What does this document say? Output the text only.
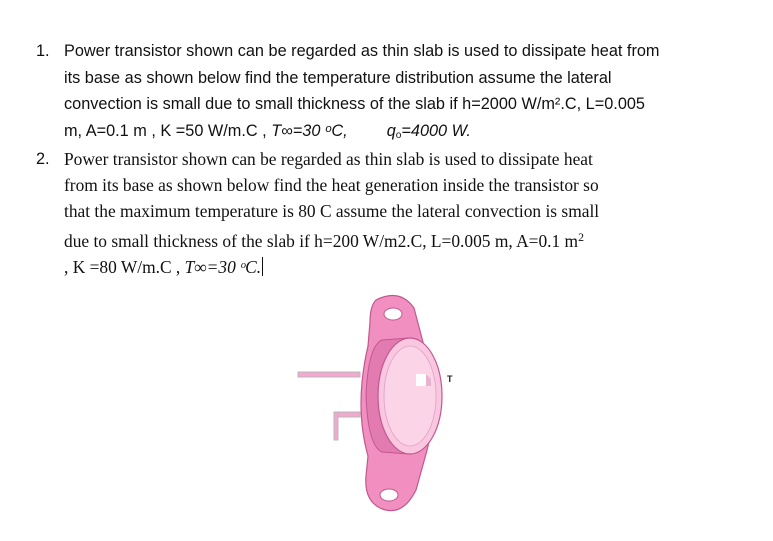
1. Power transistor shown can be regarded as thin slab is used to dissipate heat from
its base as shown below find the temperature distribution assume the lateral
convection is small due to small thickness of the slab if h=2000 W/m².C, L=0.005
m, A=0.1 m , K =50 W/m.C , T∞=30 ᵒC, $q_o=4000$ W.
2. Power transistor shown can be regarded as thin slab is used to dissipate heat
from its base as shown below find the heat generation inside the transistor so
that the maximum temperature is 80 C assume the lateral convection is small
due to small thickness of the slab if h=200 W/m2.C, L=0.005 m, A=0.1 $m^2$
, K =80 W/m.C , T∞=30 ᵒC.
T
